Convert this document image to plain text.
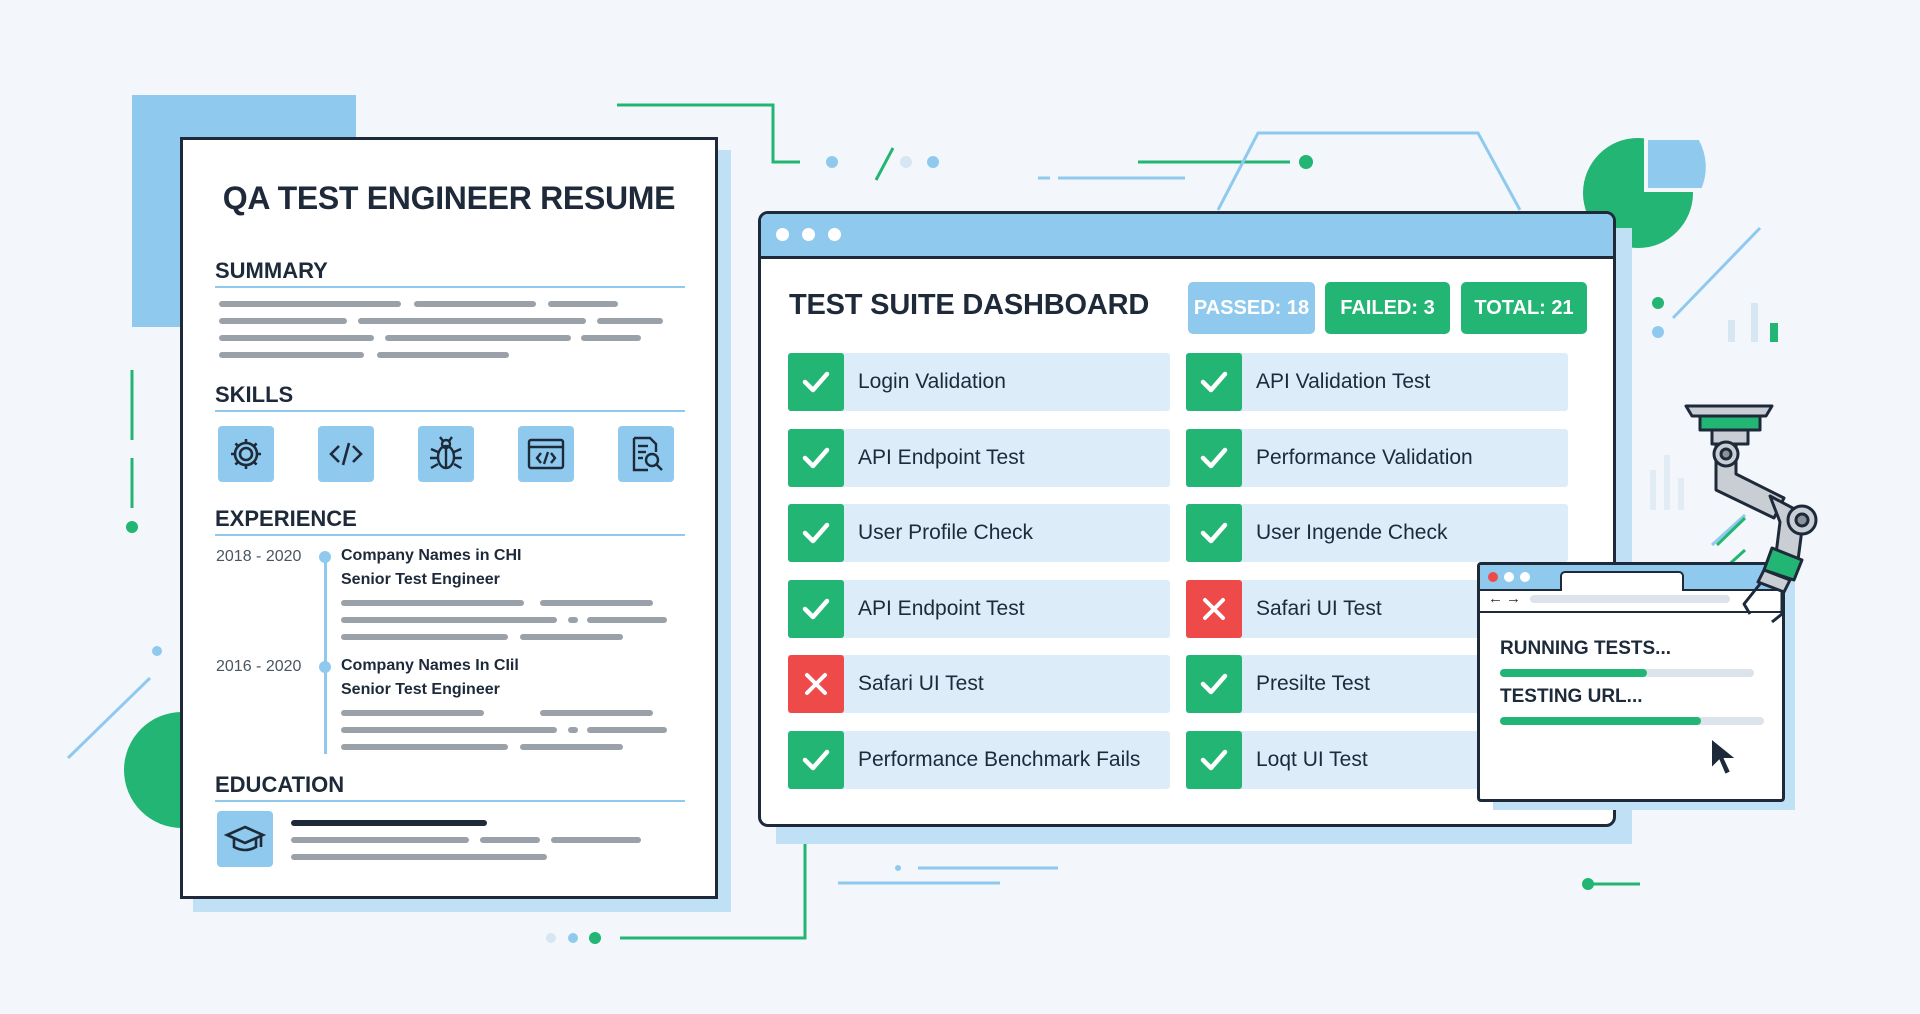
QA TEST ENGINEER RESUME
SUMMARY
SKILLS
EXPERIENCE
2018 - 2020 Company Names in CHI
Senior Test Engineer
2016 - 2020 Company Names In CIil
Senior Test Engineer
EDUCATION
TEST SUITE DASHBOARD PASSED: 18	FAILED: 3	TOTAL: 21
Login Validation
API Endpoint Test
User Profile Check
API Endpoint Test
Safari UI Test
Performance Benchmark Fails
API Validation Test
Performance Validation
User Ingende Check
Safari UI Test
Presilte Test
Loqt UI Test
← →
RUNNING TESTS...
TESTING URL...
